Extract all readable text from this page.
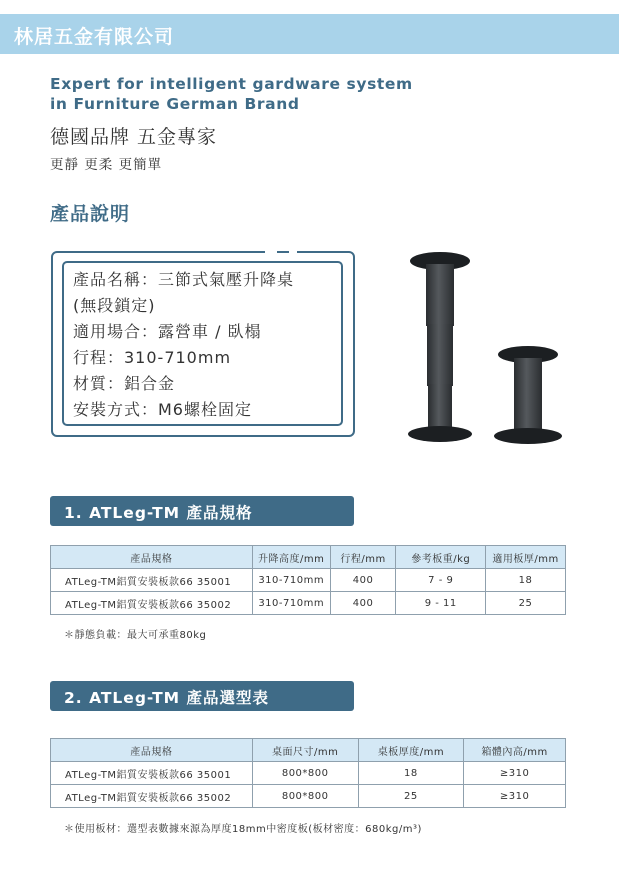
林居五金有限公司
Expert for intelligent gardware system
in Furniture German Brand
德國品牌 五金專家
更靜 更柔 更簡單
產品說明
產品名稱：三節式氣壓升降桌
(無段鎖定)
適用場合：露營車 / 臥榻
行程：310-710mm
材質：鋁合金
安裝方式：M6螺栓固定
1. ATLeg-TM 產品規格
產品規格	升降高度/mm	行程/mm	參考板重/kg	適用板厚/mm
ATLeg-TM鋁質安裝板款66 35001	310-710mm	400	7 - 9	18
ATLeg-TM鋁質安裝板款66 35002	310-710mm	400	9 - 11	25
＊靜態負載：最大可承重80kg
2. ATLeg-TM 產品選型表
產品規格	桌面尺寸/mm	桌板厚度/mm	箱體內高/mm
ATLeg-TM鋁質安裝板款66 35001	800*800	18	≥310
ATLeg-TM鋁質安裝板款66 35002	800*800	25	≥310
＊使用板材：選型表數據來源為厚度18mm中密度板(板材密度：680kg/m³)
